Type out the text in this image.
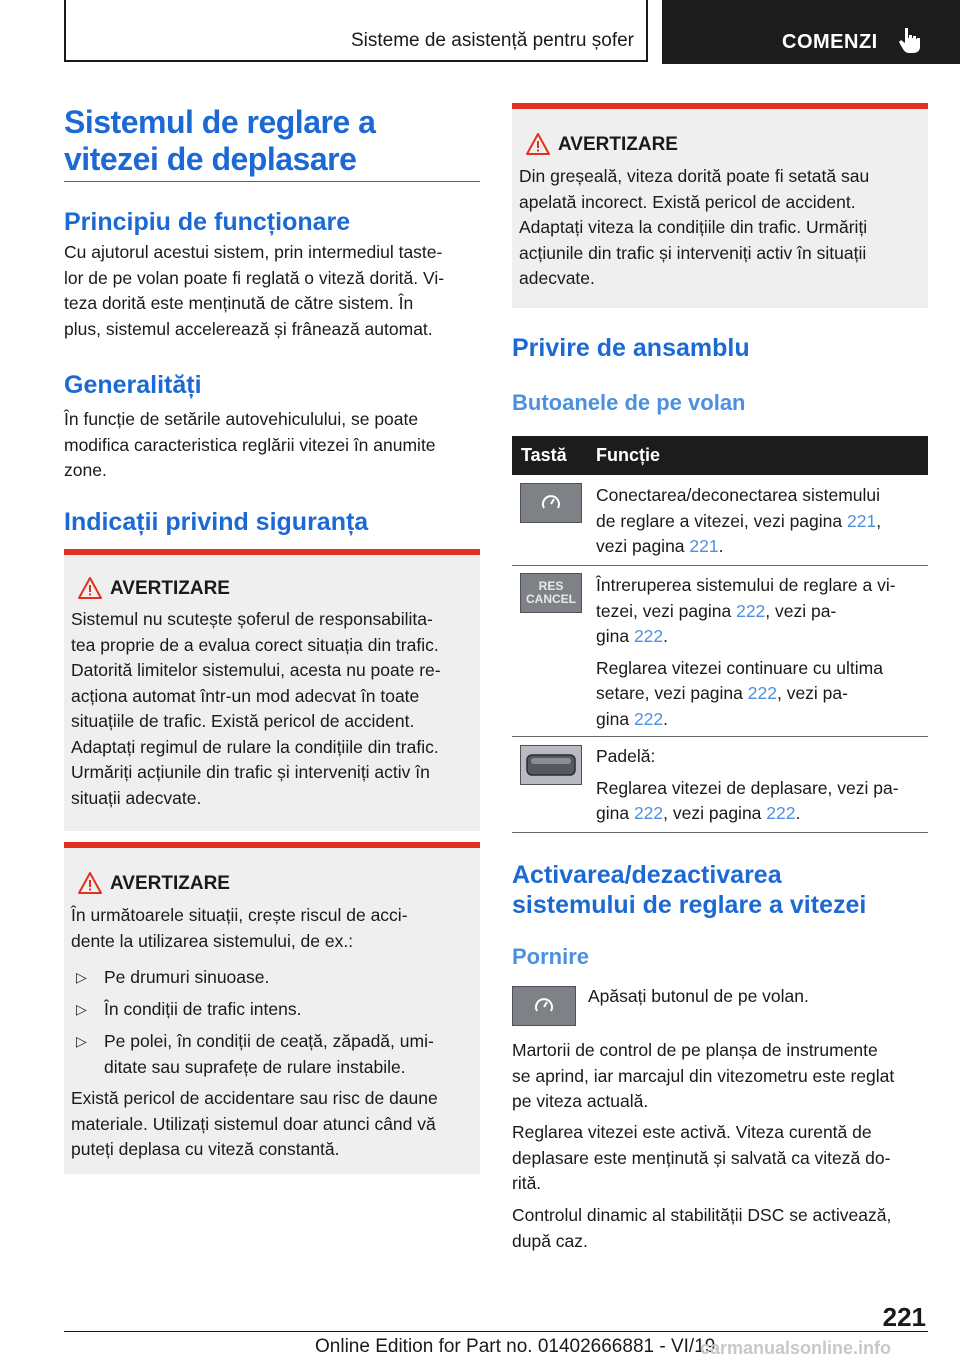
Sisteme de asistență pentru șofer	COMENZI
Sistemul de reglare a
vitezei de deplasare
Principiu de funcționare
Cu ajutorul acestui sistem, prin intermediul taste-
lor de pe volan poate fi reglată o viteză dorită. Vi-
teza dorită este menținută de către sistem. În
plus, sistemul accelerează și frânează automat.
Generalități
În funcție de setările autovehiculului, se poate
modifica caracteristica reglării vitezei în anumite
zone.
Indicații privind siguranța
AVERTIZARE
Sistemul nu scutește șoferul de responsabilita-
tea proprie de a evalua corect situația din trafic.
Datorită limitelor sistemului, acesta nu poate re-
acționa automat într-un mod adecvat în toate
situațiile de trafic. Există pericol de accident.
Adaptați regimul de rulare la condițiile din trafic.
Urmăriți acțiunile din trafic și interveniți activ în
situații adecvate.
AVERTIZARE
În următoarele situații, crește riscul de acci-
dente la utilizarea sistemului, de ex.:
▷ Pe drumuri sinuoase.
▷ În condiții de trafic intens.
▷ Pe polei, în condiții de ceață, zăpadă, umi-
ditate sau suprafețe de rulare instabile.
Există pericol de accidentare sau risc de daune
materiale. Utilizați sistemul doar atunci când vă
puteți deplasa cu viteză constantă.
AVERTIZARE
Din greșeală, viteza dorită poate fi setată sau
apelată incorect. Există pericol de accident.
Adaptați viteza la condițiile din trafic. Urmăriți
acțiunile din trafic și interveniți activ în situații
adecvate.
Privire de ansamblu
Butoanele de pe volan
Tastă Funcție
Conectarea/deconectarea sistemului
de reglare a vitezei, vezi pagina 221,
vezi pagina 221.
RES
CANCEL
Întreruperea sistemului de reglare a vi-
tezei, vezi pagina 222, vezi pa-
gina 222.
Reglarea vitezei continuare cu ultima
setare, vezi pagina 222, vezi pa-
gina 222.
Padelă:
Reglarea vitezei de deplasare, vezi pa-
gina 222, vezi pagina 222.
Activarea/dezactivarea
sistemului de reglare a vitezei
Pornire
Apăsați butonul de pe volan.
Martorii de control de pe planșa de instrumente
se aprind, iar marcajul din vitezometru este reglat
pe viteza actuală.
Reglarea vitezei este activă. Viteza curentă de
deplasare este menținută și salvată ca viteză do-
rită.
Controlul dinamic al stabilității DSC se activează,
după caz.
221
Online Edition for Part no. 01402666881 - VI/19
carmanualsonline.info
